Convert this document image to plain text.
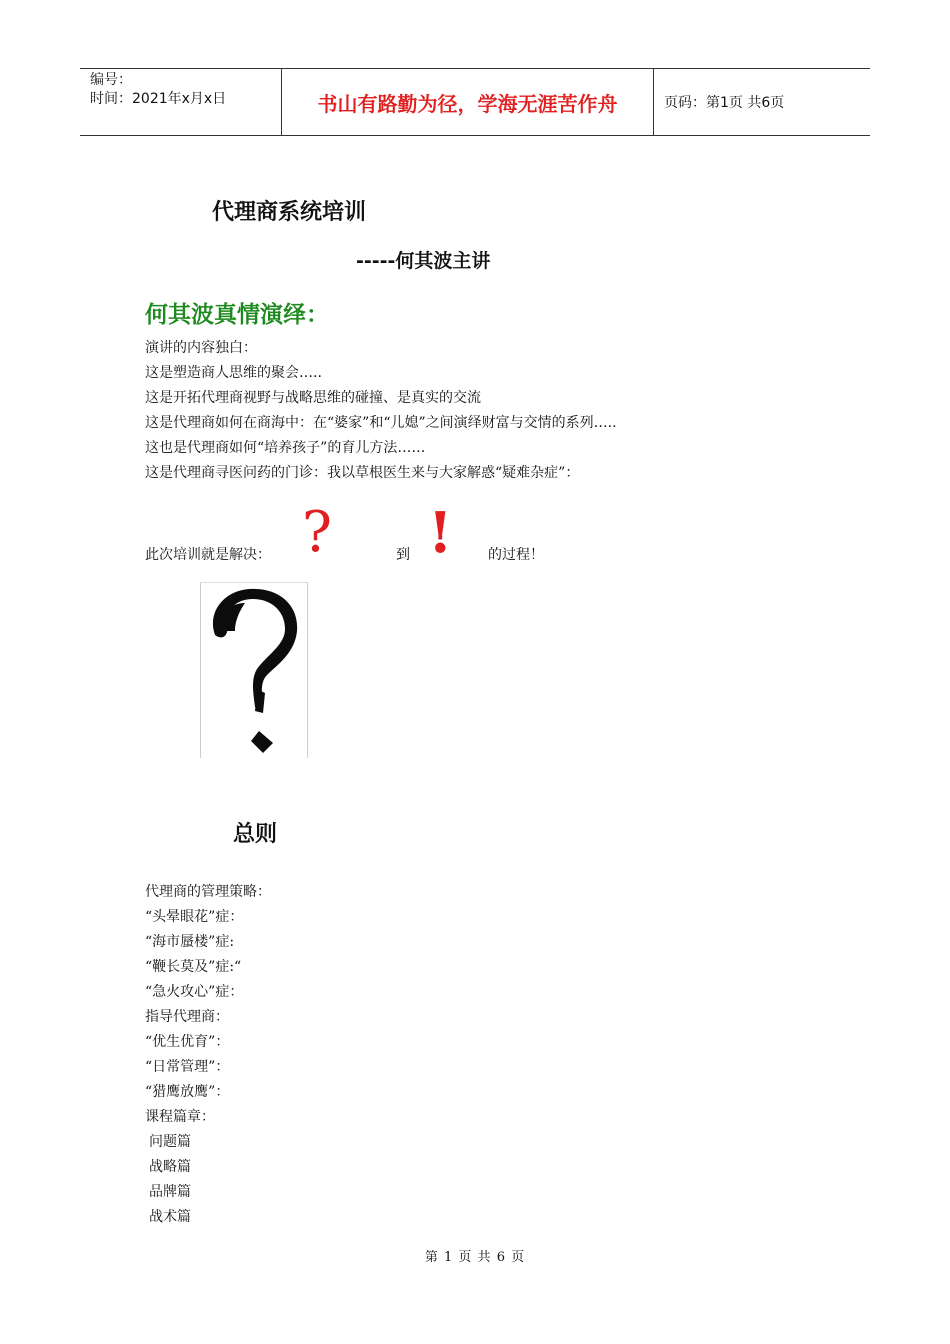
编号：
时间：2021年x月x日	书山有路勤为径，学海无涯苦作舟	页码：第1页 共6页
代理商系统培训
-----何其波主讲
何其波真情演绎：
演讲的内容独白：
这是塑造商人思维的聚会…..
这是开拓代理商视野与战略思维的碰撞、是真实的交流
这是代理商如何在商海中：在“婆家”和“儿媳”之间演绎财富与交情的系列…..
这也是代理商如何“培养孩子”的育儿方法……
这是代理商寻医问药的门诊：我以草根医生来与大家解惑“疑难杂症”：
此次培训就是解决： ?	到 !	的过程！
总则
代理商的管理策略：
“头晕眼花”症：
“海市蜃楼”症:
“鞭长莫及”症:“
“急火攻心”症：
指导代理商：
“优生优育”：
“日常管理”：
“猎鹰放鹰”：
课程篇章：
问题篇
战略篇
品牌篇
战术篇
第 1 页 共 6 页
